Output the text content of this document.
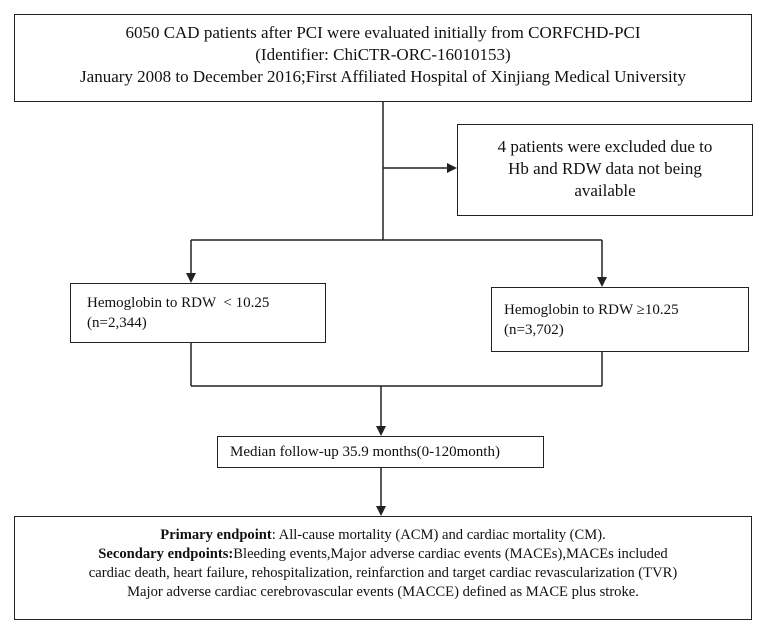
6050 CAD patients after PCI were evaluated initially from CORFCHD-PCI
(Identifier: ChiCTR-ORC-16010153)
January 2008 to December 2016;First Affiliated Hospital of Xinjiang Medical University
4 patients were excluded due to
Hb and RDW data not being
available
Hemoglobin to RDW  < 10.25
(n=2,344)
Hemoglobin to RDW ≥10.25
(n=3,702)
Median follow-up 35.9 months(0-120month)
Primary endpoint: All-cause mortality (ACM) and cardiac mortality (CM).
Secondary endpoints:Bleeding events,Major adverse cardiac events (MACEs),MACEs included
cardiac death, heart failure, rehospitalization, reinfarction and target cardiac revascularization (TVR)
Major adverse cardiac cerebrovascular events (MACCE) defined as MACE plus stroke.
